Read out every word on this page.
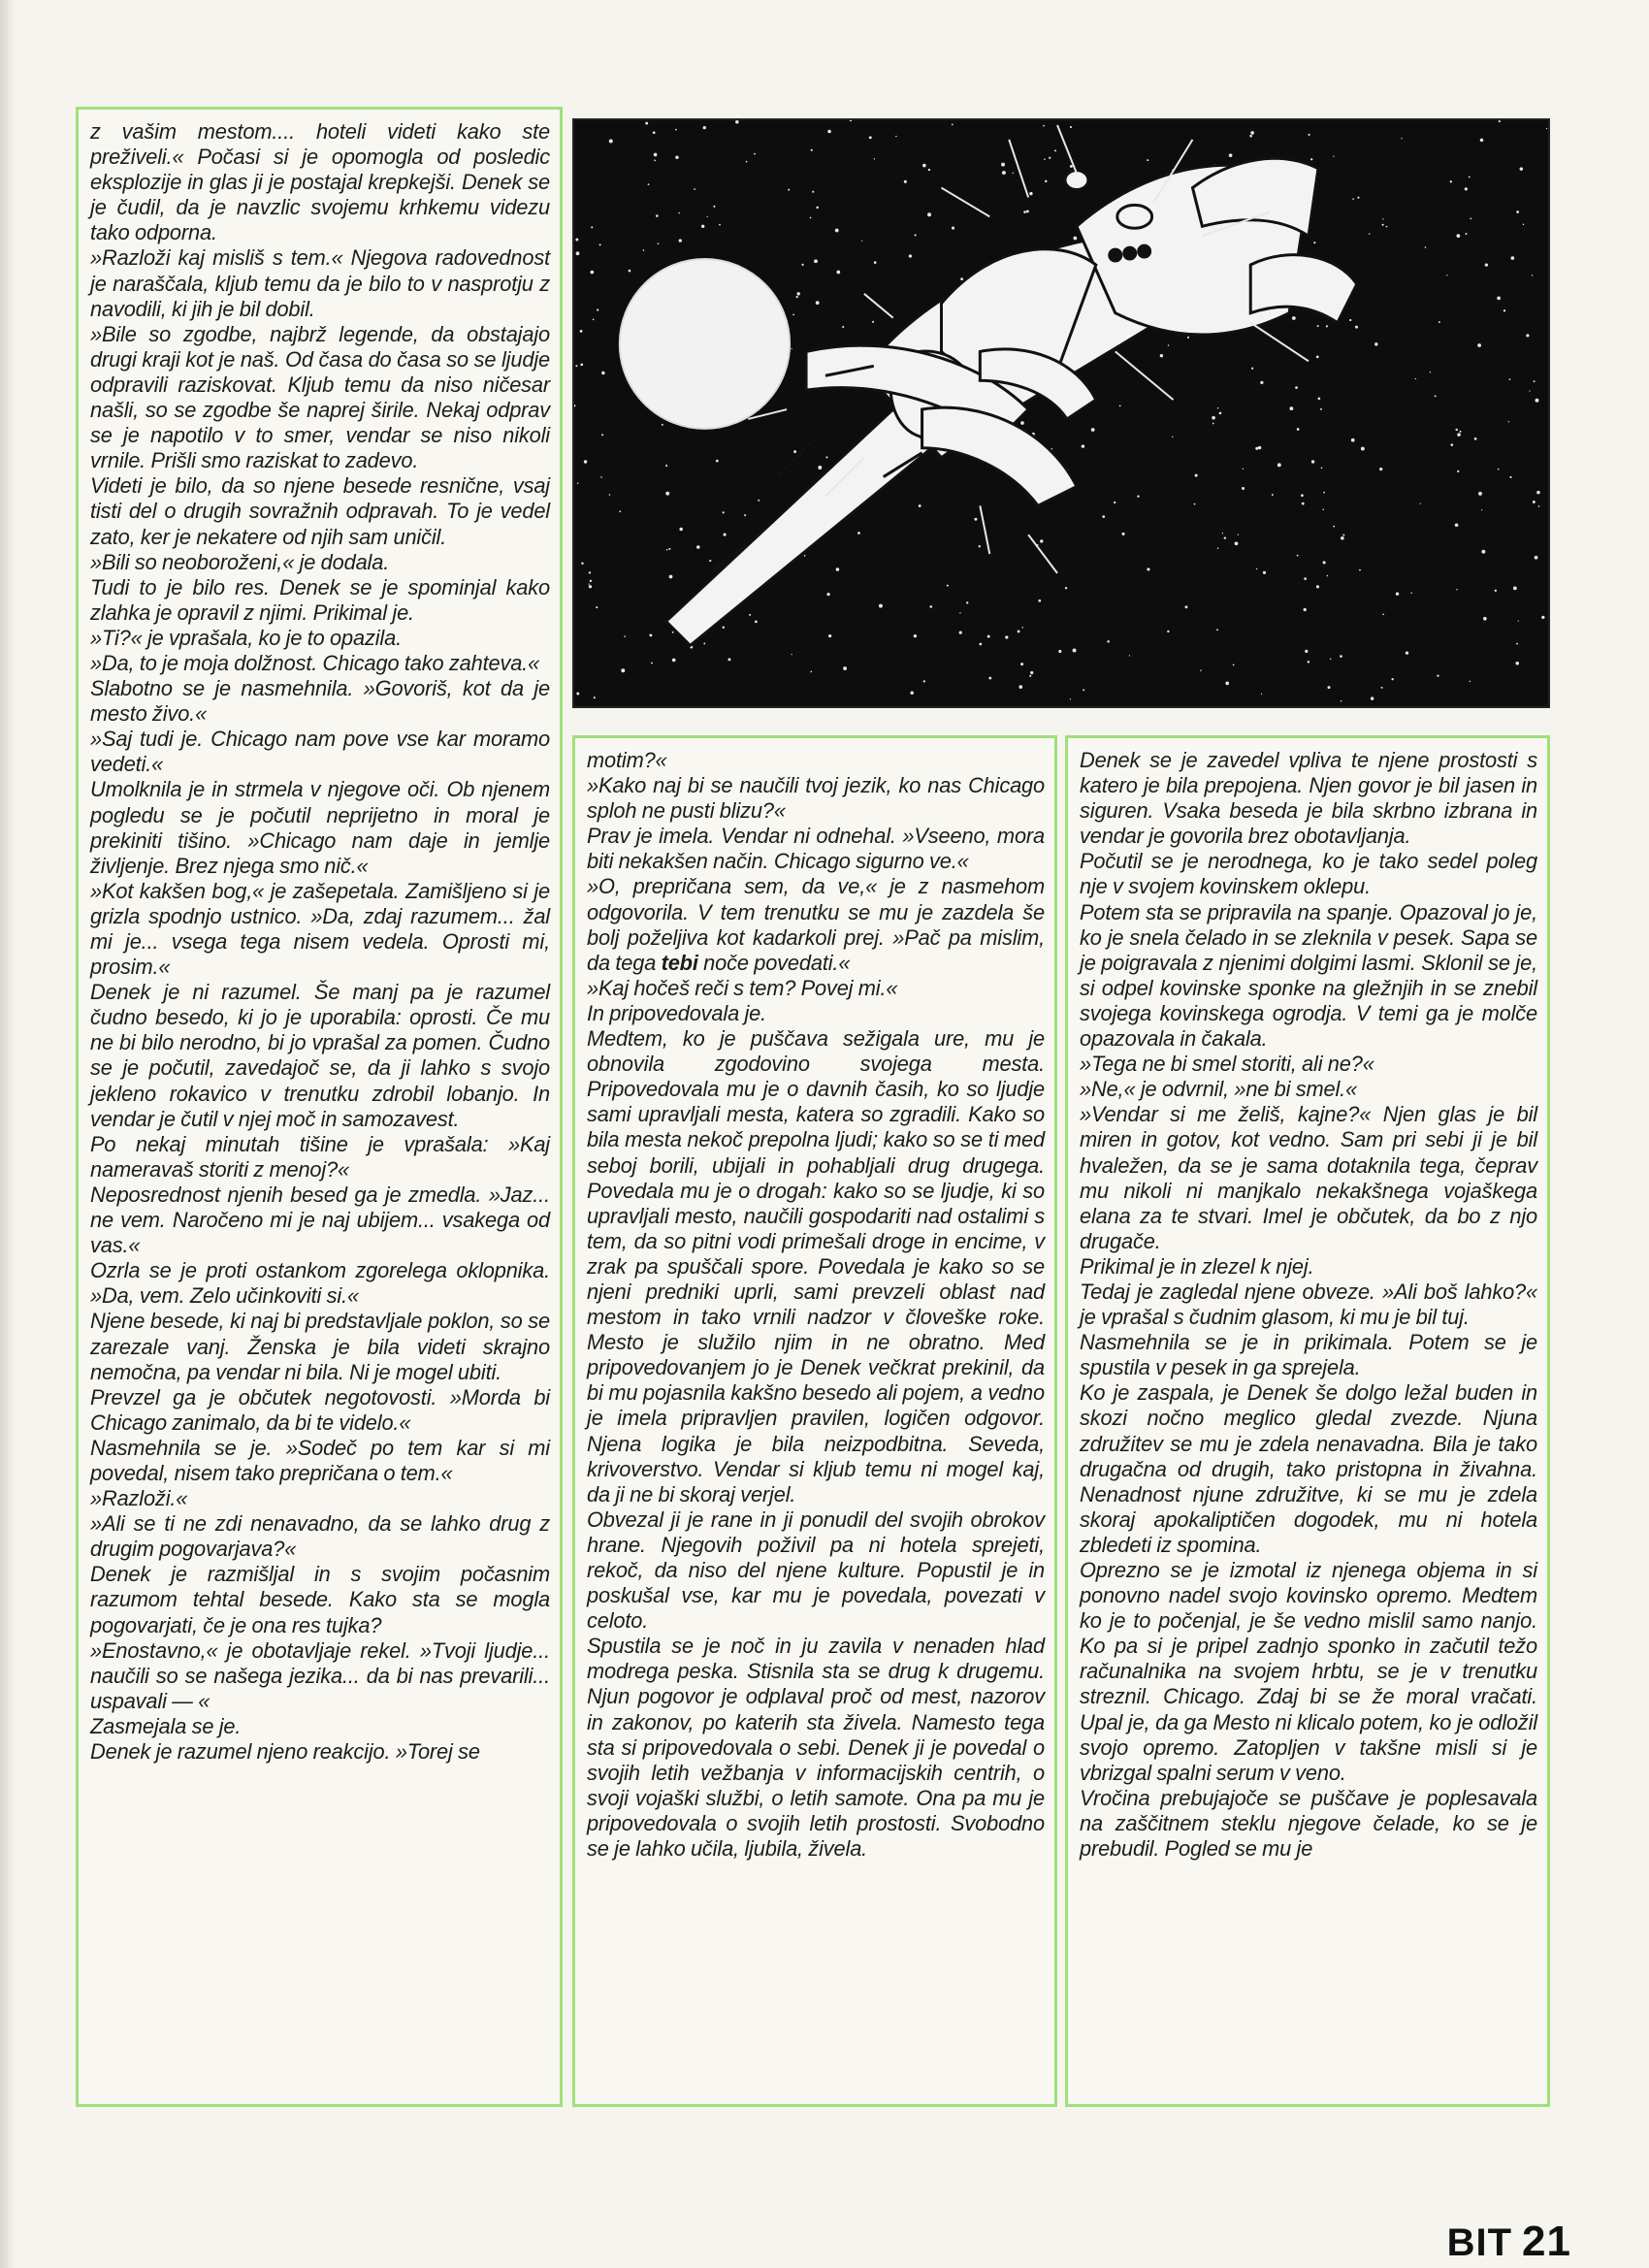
z vašim mestom.... hoteli videti kako ste preživeli.« Počasi si je opomogla od posledic eksplozije in glas ji je postajal krepkejši. Denek se je čudil, da je navzlic svojemu krhkemu videzu tako odporna.

»Razloži kaj misliš s tem.« Njegova radovednost je naraščala, kljub temu da je bilo to v nasprotju z navodili, ki jih je bil dobil.

»Bile so zgodbe, najbrž legende, da obstajajo drugi kraji kot je naš. Od časa do časa so se ljudje odpravili raziskovat. Kljub temu da niso ničesar našli, so se zgodbe še naprej širile. Nekaj odprav se je napotilo v to smer, vendar se niso nikoli vrnile. Prišli smo raziskat to zadevo.

Videti je bilo, da so njene besede resnične, vsaj tisti del o drugih sovražnih odpravah. To je vedel zato, ker je nekatere od njih sam uničil.

»Bili so neoboroženi,« je dodala.

Tudi to je bilo res. Denek se je spominjal kako zlahka je opravil z njimi. Prikimal je.

»Ti?« je vprašala, ko je to opazila.

»Da, to je moja dolžnost. Chicago tako zahteva.«

Slabotno se je nasmehnila. »Govoriš, kot da je mesto živo.«

»Saj tudi je. Chicago nam pove vse kar moramo vedeti.«

Umolknila je in strmela v njegove oči. Ob njenem pogledu se je počutil neprijetno in moral je prekiniti tišino. »Chicago nam daje in jemlje življenje. Brez njega smo nič.«

»Kot kakšen bog,« je zašepetala. Zamišljeno si je grizla spodnjo ustnico. »Da, zdaj razumem... žal mi je... vsega tega nisem vedela. Oprosti mi, prosim.«

Denek je ni razumel. Še manj pa je razumel čudno besedo, ki jo je uporabila: oprosti. Če mu ne bi bilo nerodno, bi jo vprašal za pomen. Čudno se je počutil, zavedajoč se, da ji lahko s svojo jekleno rokavico v trenutku zdrobil lobanjo. In vendar je čutil v njej moč in samozavest.

Po nekaj minutah tišine je vprašala: »Kaj nameravaš storiti z menoj?«

Neposrednost njenih besed ga je zmedla. »Jaz... ne vem. Naročeno mi je naj ubijem... vsakega od vas.«

Ozrla se je proti ostankom zgorelega oklopnika. »Da, vem. Zelo učinkoviti si.«

Njene besede, ki naj bi predstavljale poklon, so se zarezale vanj. Ženska je bila videti skrajno nemočna, pa vendar ni bila. Ni je mogel ubiti.

Prevzel ga je občutek negotovosti. »Morda bi Chicago zanimalo, da bi te videlo.«

Nasmehnila se je. »Sodeč po tem kar si mi povedal, nisem tako prepričana o tem.«

»Razloži.«

»Ali se ti ne zdi nenavadno, da se lahko drug z drugim pogovarjava?«

Denek je razmišljal in s svojim počasnim razumom tehtal besede. Kako sta se mogla pogovarjati, če je ona res tujka?

»Enostavno,« je obotavljaje rekel. »Tvoji ljudje... naučili so se našega jezika... da bi nas prevarili... uspavali — «

Zasmejala se je.

Denek je razumel njeno reakcijo. »Torej se

motim?«

»Kako naj bi se naučili tvoj jezik, ko nas Chicago sploh ne pusti blizu?«

Prav je imela. Vendar ni odnehal. »Vseeno, mora biti nekakšen način. Chicago sigurno ve.«

»O, prepričana sem, da ve,« je z nasmehom odgovorila. V tem trenutku se mu je zazdela še bolj poželjiva kot kadarkoli prej. »Pač pa mislim, da tega tebi noče povedati.«

»Kaj hočeš reči s tem? Povej mi.«

In pripovedovala je.

Medtem, ko je puščava sežigala ure, mu je obnovila zgodovino svojega mesta. Pripovedovala mu je o davnih časih, ko so ljudje sami upravljali mesta, katera so zgradili. Kako so bila mesta nekoč prepolna ljudi; kako so se ti med seboj borili, ubijali in pohabljali drug drugega. Povedala mu je o drogah: kako so se ljudje, ki so upravljali mesto, naučili gospodariti nad ostalimi s tem, da so pitni vodi primešali droge in encime, v zrak pa spuščali spore. Povedala je kako so se njeni predniki uprli, sami prevzeli oblast nad mestom in tako vrnili nadzor v človeške roke. Mesto je služilo njim in ne obratno. Med pripovedovanjem jo je Denek večkrat prekinil, da bi mu pojasnila kakšno besedo ali pojem, a vedno je imela pripravljen pravilen, logičen odgovor. Njena logika je bila neizpodbitna. Seveda, krivoverstvo. Vendar si kljub temu ni mogel kaj, da ji ne bi skoraj verjel.

Obvezal ji je rane in ji ponudil del svojih obrokov hrane. Njegovih poživil pa ni hotela sprejeti, rekoč, da niso del njene kulture. Popustil je in poskušal vse, kar mu je povedala, povezati v celoto.

Spustila se je noč in ju zavila v nenaden hlad modrega peska. Stisnila sta se drug k drugemu. Njun pogovor je odplaval proč od mest, nazorov in zakonov, po katerih sta živela. Namesto tega sta si pripovedovala o sebi. Denek ji je povedal o svojih letih vežbanja v informacijskih centrih, o svoji vojaški službi, o letih samote. Ona pa mu je pripovedovala o svojih letih prostosti. Svobodno se je lahko učila, ljubila, živela.

Denek se je zavedel vpliva te njene prostosti s katero je bila prepojena. Njen govor je bil jasen in siguren. Vsaka beseda je bila skrbno izbrana in vendar je govorila brez obotavljanja.

Počutil se je nerodnega, ko je tako sedel poleg nje v svojem kovinskem oklepu.

Potem sta se pripravila na spanje. Opazoval jo je, ko je snela čelado in se zleknila v pesek. Sapa se je poigravala z njenimi dolgimi lasmi. Sklonil se je, si odpel kovinske sponke na gležnjih in se znebil svojega kovinskega ogrodja. V temi ga je molče opazovala in čakala.

»Tega ne bi smel storiti, ali ne?«

»Ne,« je odvrnil, »ne bi smel.«

»Vendar si me želiš, kajne?« Njen glas je bil miren in gotov, kot vedno. Sam pri sebi ji je bil hvaležen, da se je sama dotaknila tega, čeprav mu nikoli ni manjkalo nekakšnega vojaškega elana za te stvari. Imel je občutek, da bo z njo drugače.

Prikimal je in zlezel k njej.

Tedaj je zagledal njene obveze. »Ali boš lahko?« je vprašal s čudnim glasom, ki mu je bil tuj.

Nasmehnila se je in prikimala. Potem se je spustila v pesek in ga sprejela.

Ko je zaspala, je Denek še dolgo ležal buden in skozi nočno meglico gledal zvezde. Njuna združitev se mu je zdela nenavadna. Bila je tako drugačna od drugih, tako pristopna in živahna. Nenadnost njune združitve, ki se mu je zdela skoraj apokaliptičen dogodek, mu ni hotela zbledeti iz spomina.

Oprezno se je izmotal iz njenega objema in si ponovno nadel svojo kovinsko opremo. Medtem ko je to počenjal, je še vedno mislil samo nanjo. Ko pa si je pripel zadnjo sponko in začutil težo računalnika na svojem hrbtu, se je v trenutku streznil. Chicago. Zdaj bi se že moral vračati. Upal je, da ga Mesto ni klicalo potem, ko je odložil svojo opremo. Zatopljen v takšne misli si je vbrizgal spalni serum v veno.

Vročina prebujajoče se puščave je poplesavala na zaščitnem steklu njegove čelade, ko se je prebudil. Pogled se mu je

BIT 21
